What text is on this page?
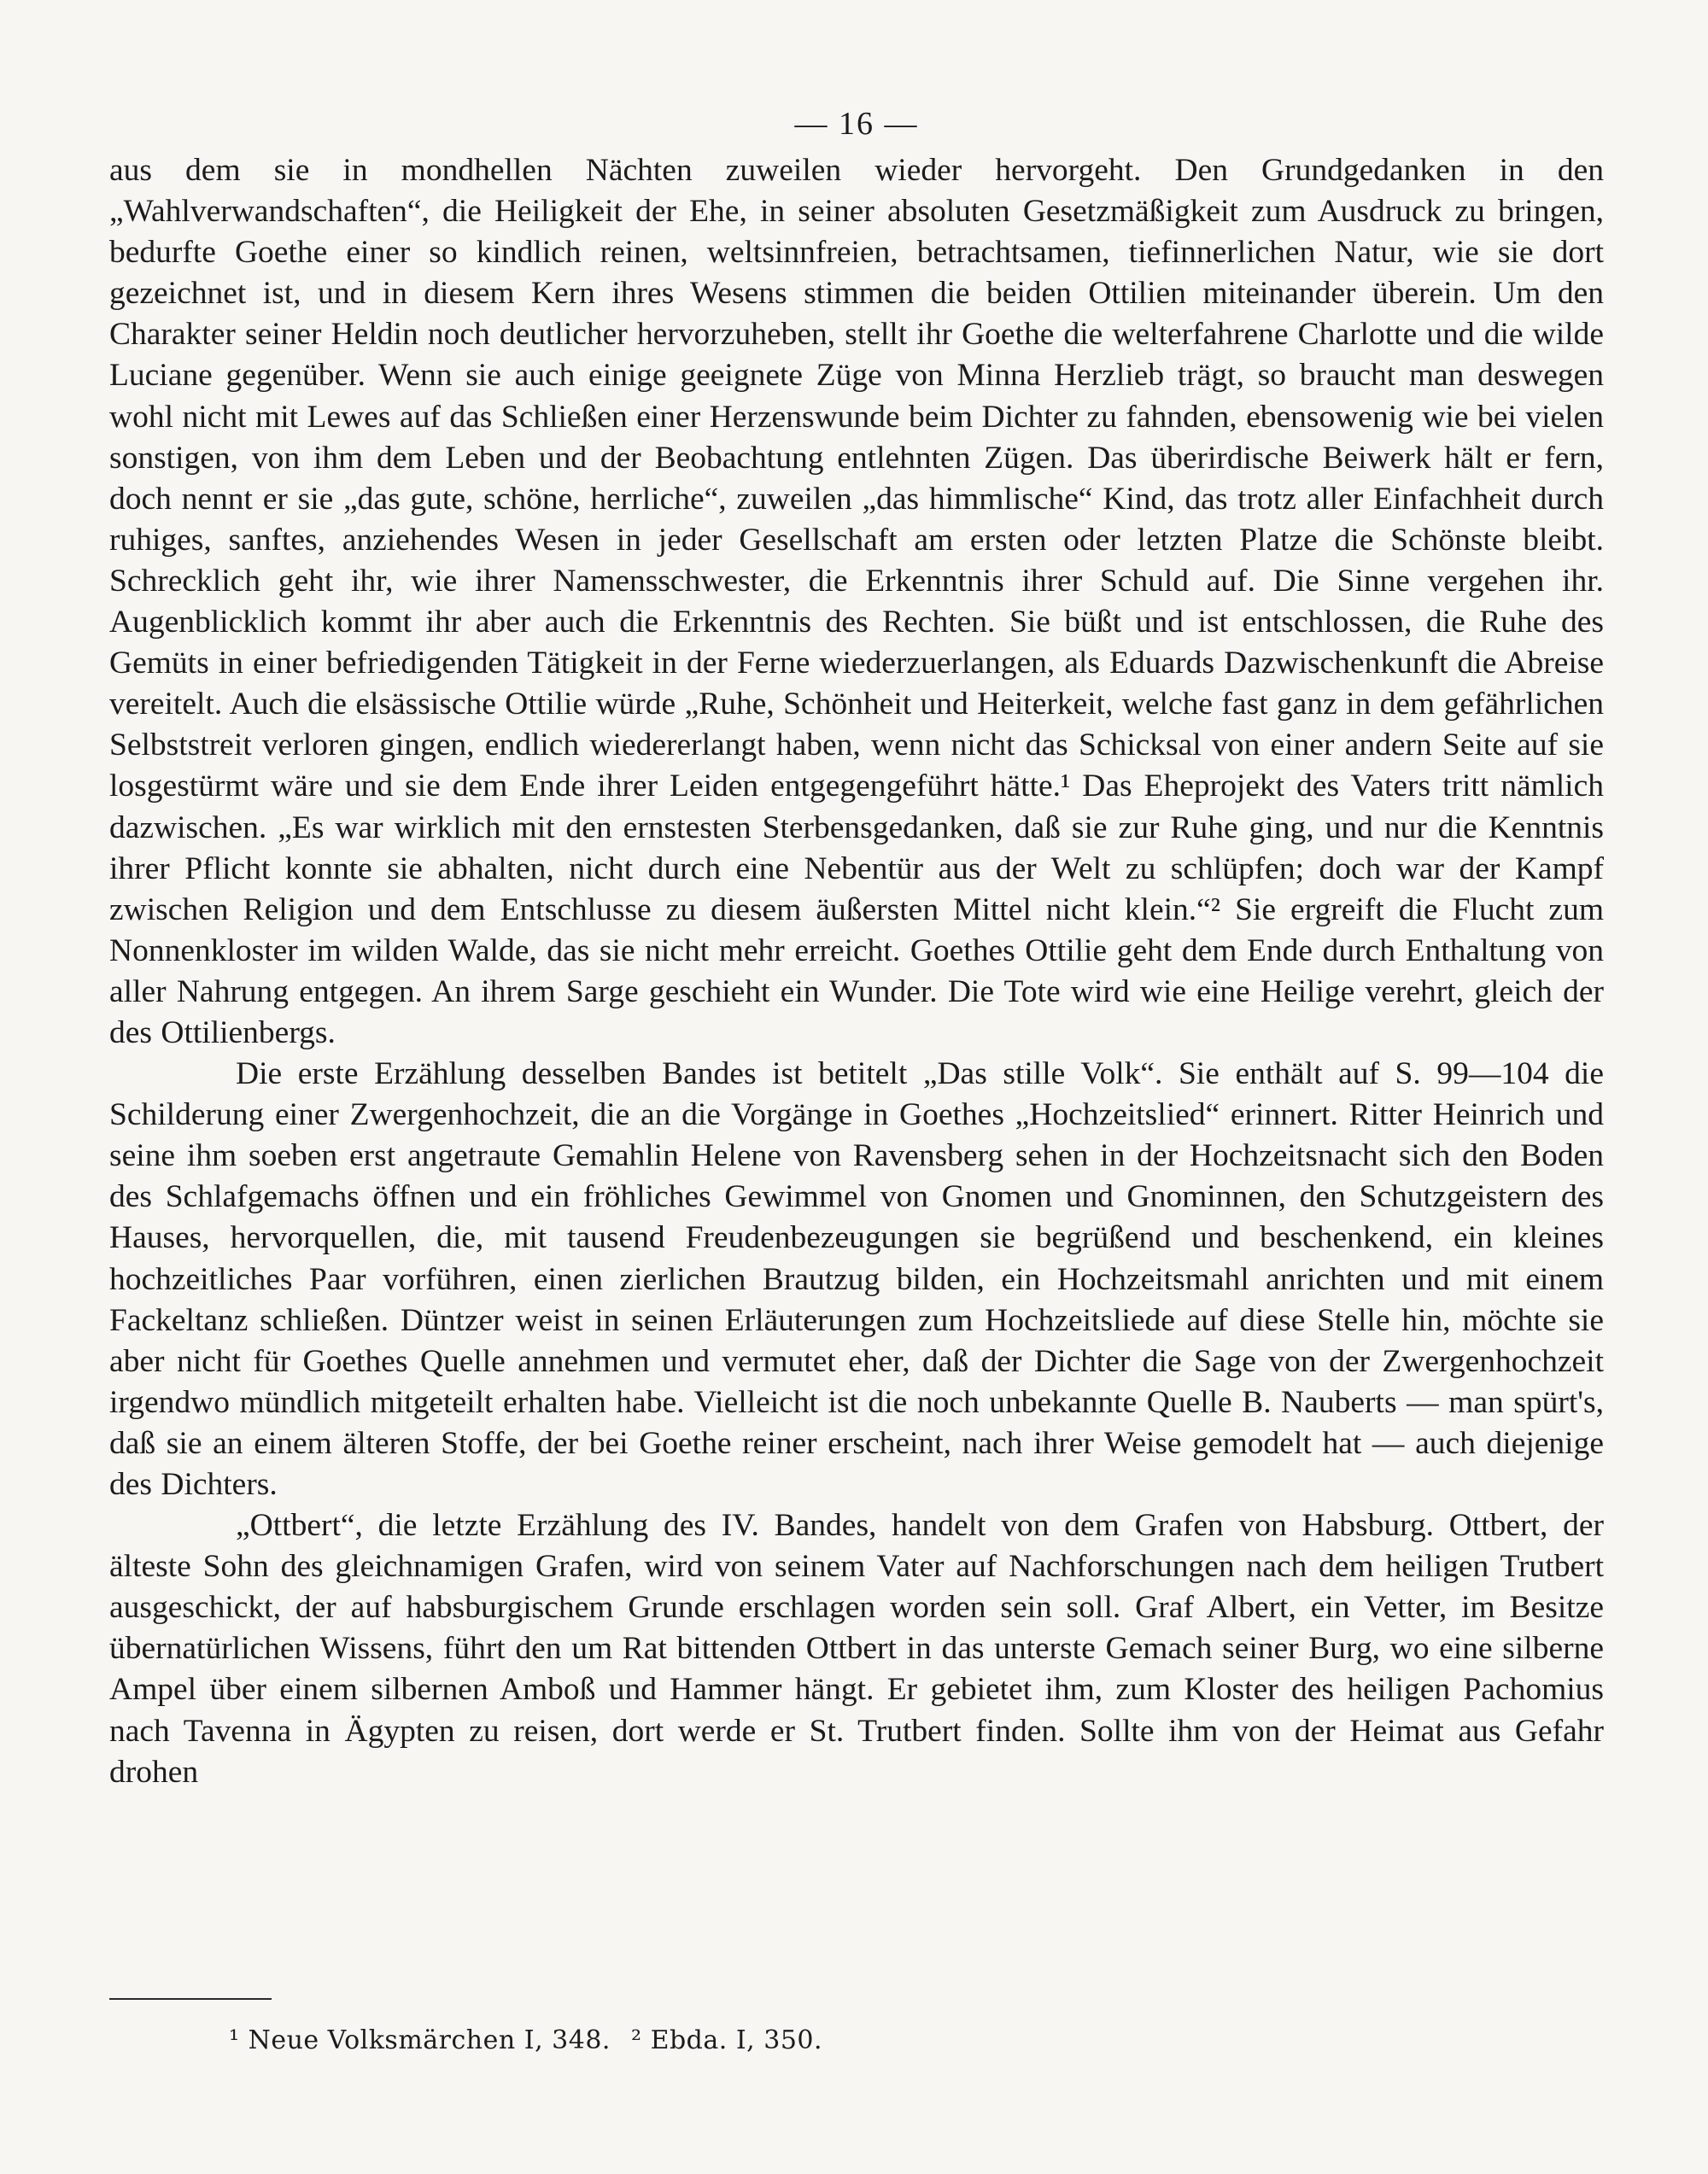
— 16 —

aus dem sie in mondhellen Nächten zuweilen wieder hervorgeht. Den Grundgedanken in den „Wahlverwandschaften“, die Heiligkeit der Ehe, in seiner absoluten Gesetzmäßigkeit zum Ausdruck zu bringen, bedurfte Goethe einer so kindlich reinen, weltsinnfreien, betrachtsamen, tiefinnerlichen Natur, wie sie dort gezeichnet ist, und in diesem Kern ihres Wesens stimmen die beiden Ottilien miteinander überein. Um den Charakter seiner Heldin noch deutlicher hervorzuheben, stellt ihr Goethe die welterfahrene Charlotte und die wilde Luciane gegenüber. Wenn sie auch einige geeignete Züge von Minna Herzlieb trägt, so braucht man deswegen wohl nicht mit Lewes auf das Schließen einer Herzenswunde beim Dichter zu fahnden, ebensowenig wie bei vielen sonstigen, von ihm dem Leben und der Beobachtung entlehnten Zügen. Das überirdische Beiwerk hält er fern, doch nennt er sie „das gute, schöne, herrliche“, zuweilen „das himmlische“ Kind, das trotz aller Einfachheit durch ruhiges, sanftes, anziehendes Wesen in jeder Gesellschaft am ersten oder letzten Platze die Schönste bleibt. Schrecklich geht ihr, wie ihrer Namensschwester, die Erkenntnis ihrer Schuld auf. Die Sinne vergehen ihr. Augenblicklich kommt ihr aber auch die Erkenntnis des Rechten. Sie büßt und ist entschlossen, die Ruhe des Gemüts in einer befriedigenden Tätigkeit in der Ferne wiederzuerlangen, als Eduards Dazwischenkunft die Abreise vereitelt. Auch die elsässische Ottilie würde „Ruhe, Schönheit und Heiterkeit, welche fast ganz in dem gefährlichen Selbststreit verloren gingen, endlich wiedererlangt haben, wenn nicht das Schicksal von einer andern Seite auf sie losgestürmt wäre und sie dem Ende ihrer Leiden entgegengeführt hätte.¹ Das Eheprojekt des Vaters tritt nämlich dazwischen. „Es war wirklich mit den ernstesten Sterbensgedanken, daß sie zur Ruhe ging, und nur die Kenntnis ihrer Pflicht konnte sie abhalten, nicht durch eine Nebentür aus der Welt zu schlüpfen; doch war der Kampf zwischen Religion und dem Entschlusse zu diesem äußersten Mittel nicht klein.“² Sie ergreift die Flucht zum Nonnenkloster im wilden Walde, das sie nicht mehr erreicht. Goethes Ottilie geht dem Ende durch Enthaltung von aller Nahrung entgegen. An ihrem Sarge geschieht ein Wunder. Die Tote wird wie eine Heilige verehrt, gleich der des Ottilienbergs.

Die erste Erzählung desselben Bandes ist betitelt „Das stille Volk“. Sie enthält auf S. 99—104 die Schilderung einer Zwergenhochzeit, die an die Vorgänge in Goethes „Hochzeitslied“ erinnert. Ritter Heinrich und seine ihm soeben erst angetraute Gemahlin Helene von Ravensberg sehen in der Hochzeitsnacht sich den Boden des Schlafgemachs öffnen und ein fröhliches Gewimmel von Gnomen und Gnominnen, den Schutzgeistern des Hauses, hervorquellen, die, mit tausend Freudenbezeugungen sie begrüßend und beschenkend, ein kleines hochzeitliches Paar vorführen, einen zierlichen Brautzug bilden, ein Hochzeitsmahl anrichten und mit einem Fackeltanz schließen. Düntzer weist in seinen Erläuterungen zum Hochzeitsliede auf diese Stelle hin, möchte sie aber nicht für Goethes Quelle annehmen und vermutet eher, daß der Dichter die Sage von der Zwergenhochzeit irgendwo mündlich mitgeteilt erhalten habe. Vielleicht ist die noch unbekannte Quelle B. Nauberts — man spürt's, daß sie an einem älteren Stoffe, der bei Goethe reiner erscheint, nach ihrer Weise gemodelt hat — auch diejenige des Dichters.

„Ottbert“, die letzte Erzählung des IV. Bandes, handelt von dem Grafen von Habsburg. Ottbert, der älteste Sohn des gleichnamigen Grafen, wird von seinem Vater auf Nachforschungen nach dem heiligen Trutbert ausgeschickt, der auf habsburgischem Grunde erschlagen worden sein soll. Graf Albert, ein Vetter, im Besitze übernatürlichen Wissens, führt den um Rat bittenden Ottbert in das unterste Gemach seiner Burg, wo eine silberne Ampel über einem silbernen Amboß und Hammer hängt. Er gebietet ihm, zum Kloster des heiligen Pachomius nach Tavenna in Ägypten zu reisen, dort werde er St. Trutbert finden. Sollte ihm von der Heimat aus Gefahr drohen

¹ Neue Volksmärchen I, 348. ² Ebda. I, 350.
